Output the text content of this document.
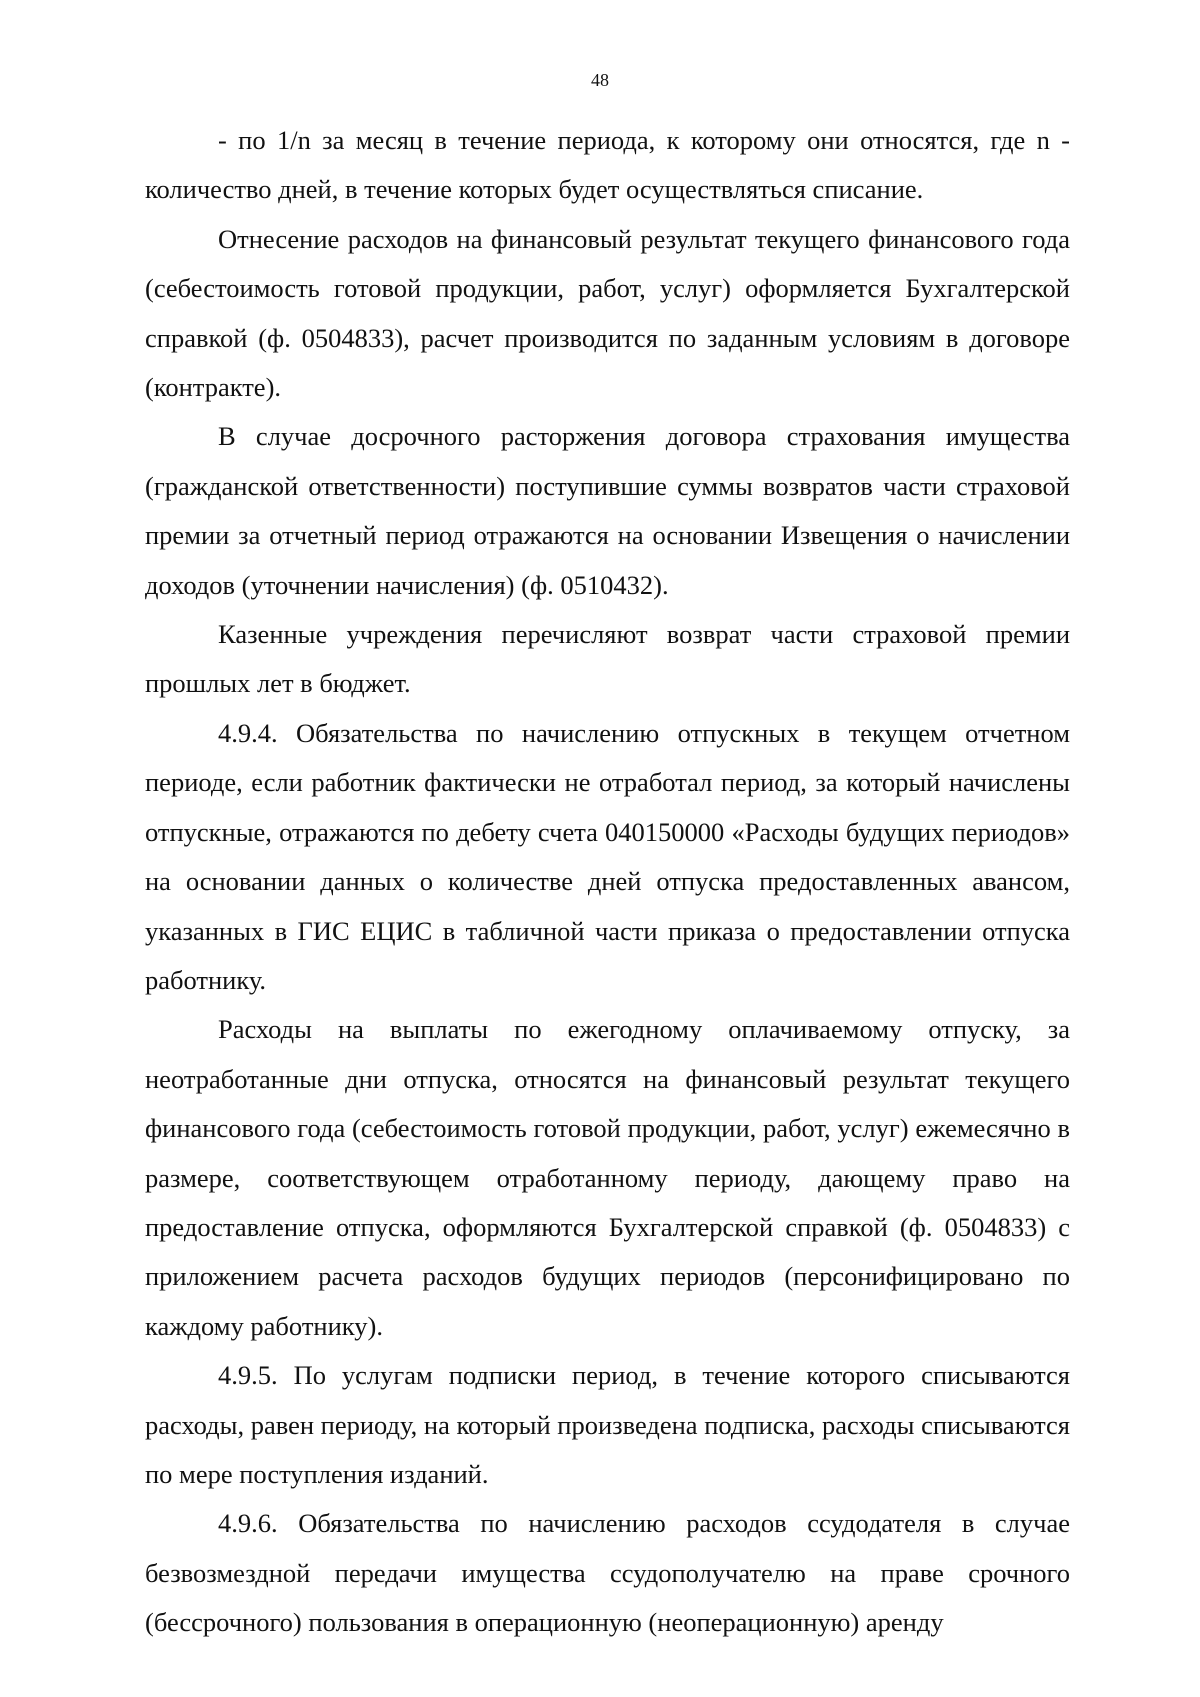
48

- по 1/n за месяц в течение периода, к которому они относятся, где n - количество дней, в течение которых будет осуществляться списание.

Отнесение расходов на финансовый результат текущего финансового года (себестоимость готовой продукции, работ, услуг) оформляется Бухгалтерской справкой (ф. 0504833), расчет производится по заданным условиям в договоре (контракте).

В случае досрочного расторжения договора страхования имущества (гражданской ответственности) поступившие суммы возвратов части страховой премии за отчетный период отражаются на основании Извещения о начислении доходов (уточнении начисления) (ф. 0510432).

Казенные учреждения перечисляют возврат части страховой премии прошлых лет в бюджет.

4.9.4. Обязательства по начислению отпускных в текущем отчетном периоде, если работник фактически не отработал период, за который начислены отпускные, отражаются по дебету счета 040150000 «Расходы будущих периодов» на основании данных о количестве дней отпуска предоставленных авансом, указанных в ГИС ЕЦИС в табличной части приказа о предоставлении отпуска работнику.

Расходы на выплаты по ежегодному оплачиваемому отпуску, за неотработанные дни отпуска, относятся на финансовый результат текущего финансового года (себестоимость готовой продукции, работ, услуг) ежемесячно в размере, соответствующем отработанному периоду, дающему право на предоставление отпуска, оформляются Бухгалтерской справкой (ф. 0504833) с приложением расчета расходов будущих периодов (персонифицировано по каждому работнику).

4.9.5. По услугам подписки период, в течение которого списываются расходы, равен периоду, на который произведена подписка, расходы списываются по мере поступления изданий.

4.9.6. Обязательства по начислению расходов ссудодателя в случае безвозмездной передачи имущества ссудополучателю на праве срочного (бессрочного) пользования в операционную (неоперационную) аренду
